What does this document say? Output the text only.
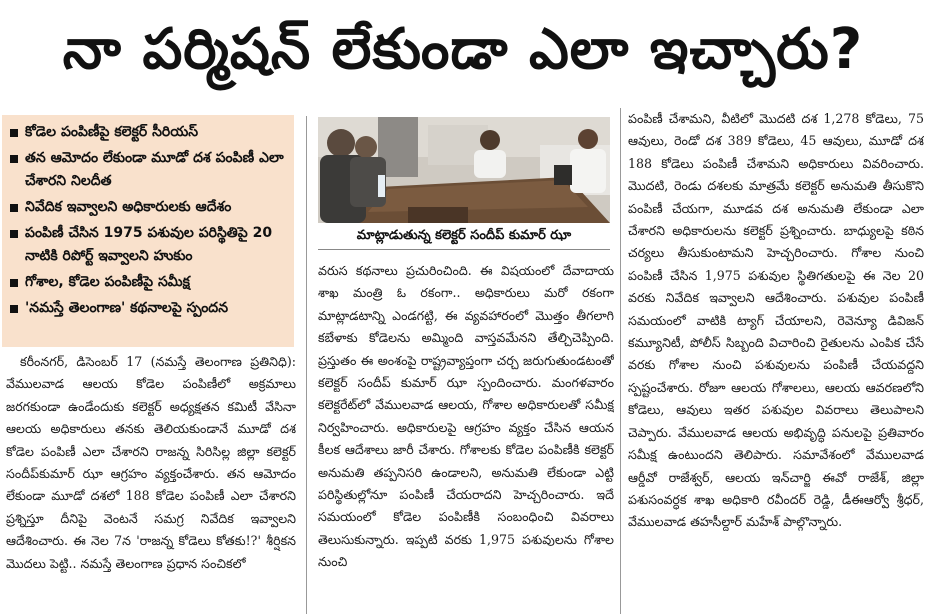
నా పర్మిషన్ లేకుండా ఎలా ఇచ్చారు?
కోడెల పంపిణీపై కలెక్టర్ సీరియస్
తన ఆమోదం లేకుండా మూడో దశ పంపిణీ ఎలా చేశారని నిలదీత
నివేదిక ఇవ్వాలని అధికారులకు ఆదేశం
పంపిణీ చేసిన 1975 పశువుల పరిస్థితిపై 20 నాటికి రిపోర్ట్ ఇవ్వాలని హుకుం
గోశాల, కోడెల పంపిణీపై సమీక్ష
'నమస్తే తెలంగాణ' కథనాలపై స్పందన
మాట్లాడుతున్న కలెక్టర్ సందీప్ కుమార్ ఝా

కరీంనగర్, డిసెంబర్ 17 (నమస్తే తెలంగాణ ప్రతినిధి): వేములవాడ ఆలయ కోడెల పంపిణీలో అక్రమాలు జరగకుండా ఉండేందుకు కలెక్టర్ అధ్యక్షతన కమిటీ వేసినా ఆలయ అధికారులు తనకు తెలియకుండానే మూడో దశ కోడెల పంపిణీ ఎలా చేశారని రాజన్న సిరిసిల్ల జిల్లా కలెక్టర్ సందీప్‌కుమార్ ఝా ఆగ్రహం వ్యక్తంచేశారు. తన ఆమోదం లేకుండా మూడో దశలో 188 కోడెల పంపిణీ ఎలా చేశారని ప్రశ్నిస్తూ దీనిపై వెంటనే సమగ్ర నివేదిక ఇవ్వాలని ఆదేశించారు. ఈ నెల 7న 'రాజన్న కోడెలు కోతకు!?' శీర్షికన మొదలు పెట్టి.. నమస్తే తెలంగాణ ప్రధాన సంచికలో

వరుస కథనాలు ప్రచురించింది. ఈ విషయంలో దేవాదాయ శాఖ మంత్రి ఓ రకంగా.. అధికారులు మరో రకంగా మాట్లాడటాన్ని ఎండగట్టి, ఈ వ్యవహారంలో మొత్తం తీగలాగి కబేళాకు కోడెలను అమ్మింది వాస్తవమేనని తేల్చిచెప్పింది. ప్రస్తుతం ఈ అంశంపై రాష్ట్రవ్యాప్తంగా చర్చ జరుగుతుండటంతో కలెక్టర్ సందీప్ కుమార్ ఝా స్పందించారు. మంగళవారం కలెక్టరేట్‌లో వేములవాడ ఆలయ, గోశాల అధికారులతో సమీక్ష నిర్వహించారు. అధికారులపై ఆగ్రహం వ్యక్తం చేసిన ఆయన కీలక ఆదేశాలు జారీ చేశారు. గోశాలకు కోడెల పంపిణీకి కలెక్టర్ అనుమతి తప్పనిసరి ఉండాలని, అనుమతి లేకుండా ఎట్టి పరిస్థితుల్లోనూ పంపిణీ చేయరాదని హెచ్చరించారు. ఇదే సమయంలో కోడెల పంపిణీకి సంబంధించి వివరాలు తెలుసుకున్నారు. ఇప్పటి వరకు 1,975 పశువులను గోశాల నుంచి

పంపిణీ చేశామని, వీటిలో మొదటి దశ 1,278 కోడెలు, 75 ఆవులు, రెండో దశ 389 కోడెలు, 45 ఆవులు, మూడో దశ 188 కోడెలు పంపిణీ చేశామని అధికారులు వివరించారు. మొదటి, రెండు దశలకు మాత్రమే కలెక్టర్ అనుమతి తీసుకొని పంపిణీ చేయగా, మూడవ దశ అనుమతి లేకుండా ఎలా చేశారని అధికారులను కలెక్టర్ ప్రశ్నించారు. బాధ్యులపై కఠిన చర్యలు తీసుకుంటామని హెచ్చరించారు. గోశాల నుంచి పంపిణీ చేసిన 1,975 పశువుల స్థితిగతులపై ఈ నెల 20 వరకు నివేదిక ఇవ్వాలని ఆదేశించారు. పశువుల పంపిణీ సమయంలో వాటికి ట్యాగ్ చేయాలని, రెవెన్యూ డివిజన్ కమ్యూనిటీ, పోలీస్ సిబ్బంది విచారించి రైతులను ఎంపిక చేసే వరకు గోశాల నుంచి పశువులను పంపిణీ చేయవద్దని స్పష్టంచేశారు. రోజూ ఆలయ గోశాలలు, ఆలయ ఆవరణలోని కోడెలు, ఆవులు ఇతర పశువుల వివరాలు తెలుపాలని చెప్పారు. వేములవాడ ఆలయ అభివృద్ధి పనులపై ప్రతివారం సమీక్ష ఉంటుందని తెలిపారు. సమావేశంలో వేములవాడ ఆర్డీవో రాజేశ్వర్, ఆలయ ఇన్‌చార్జి ఈవో రాజేశ్, జిల్లా పశుసంవర్ధక శాఖ అధికారి రవీందర్ రెడ్డి, డీఈఆర్వో శ్రీధర్, వేములవాడ తహసీల్దార్ మహేశ్ పాల్గొన్నారు.
